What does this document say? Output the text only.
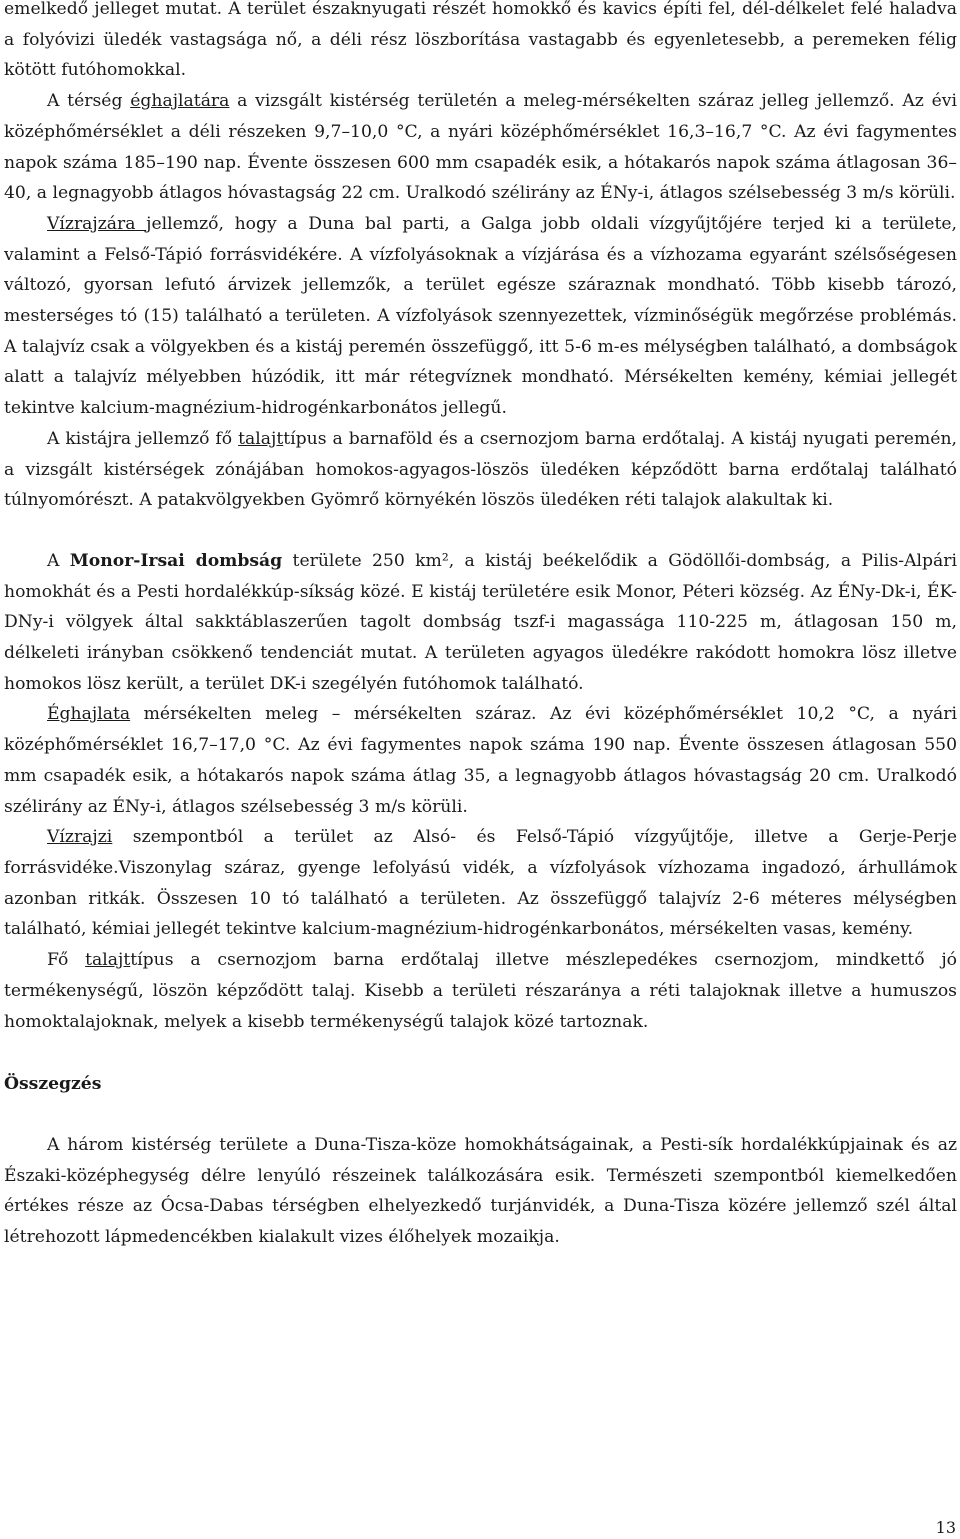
emelkedő jelleget mutat. A terület északnyugati részét homokkő és kavics építi fel, dél-délkelet felé haladva a folyóvizi üledék vastagsága nő, a déli rész löszborítása vastagabb és egyenletesebb, a peremeken félig kötött futóhomokkal.

A térség éghajlatára a vizsgált kistérség területén a meleg-mérsékelten száraz jelleg jellemző. Az évi középhőmérséklet a déli részeken 9,7–10,0 °C, a nyári középhőmérséklet 16,3–16,7 °C. Az évi fagymentes napok száma 185–190 nap. Évente összesen 600 mm csapadék esik, a hótakarós napok száma átlagosan 36–40, a legnagyobb átlagos hóvastagság 22 cm. Uralkodó szélirány az ÉNy-i, átlagos szélsebesség 3 m/s körüli.

Vízrajzára jellemző, hogy a Duna bal parti, a Galga jobb oldali vízgyűjtőjére terjed ki a területe, valamint a Felső-Tápió forrásvidékére. A vízfolyásoknak a vízjárása és a vízhozama egyaránt szélsőségesen változó, gyorsan lefutó árvizek jellemzők, a terület egésze száraznak mondható. Több kisebb tározó, mesterséges tó (15) található a területen. A vízfolyások szennyezettek, vízminőségük megőrzése problémás. A talajvíz csak a völgyekben és a kistáj peremén összefüggő, itt 5-6 m-es mélységben található, a dombságok alatt a talajvíz mélyebben húzódik, itt már rétegvíznek mondható. Mérsékelten kemény, kémiai jellegét tekintve kalcium-magnézium-hidrogénkarbonátos jellegű.

A kistájra jellemző fő talajttípus a barnaföld és a csernozjom barna erdőtalaj. A kistáj nyugati peremén, a vizsgált kistérségek zónájában homokos-agyagos-löszös üledéken képződött barna erdőtalaj található túlnyomórészt. A patakvölgyekben Gyömrő környékén löszös üledéken réti talajok alakultak ki.

A Monor-Irsai dombság területe 250 km², a kistáj beékelődik a Gödöllői-dombság, a Pilis-Alpári homokhát és a Pesti hordalékkúp-síkság közé. E kistáj területére esik Monor, Péteri község. Az ÉNy-Dk-i, ÉK-DNy-i völgyek által sakktáblaszerűen tagolt dombság tszf-i magassága 110-225 m, átlagosan 150 m, délkeleti irányban csökkenő tendenciát mutat. A területen agyagos üledékre rakódott homokra lösz illetve homokos lösz került, a terület DK-i szegélyén futóhomok található.

Éghajlata mérsékelten meleg – mérsékelten száraz. Az évi középhőmérséklet 10,2 °C, a nyári középhőmérséklet 16,7–17,0 °C. Az évi fagymentes napok száma 190 nap. Évente összesen átlagosan 550 mm csapadék esik, a hótakarós napok száma átlag 35, a legnagyobb átlagos hóvastagság 20 cm. Uralkodó szélirány az ÉNy-i, átlagos szélsebesség 3 m/s körüli.

Vízrajzi szempontból a terület az Alsó- és Felső-Tápió vízgyűjtője, illetve a Gerje-Perje forrásvidéke.Viszonylag száraz, gyenge lefolyású vidék, a vízfolyások vízhozama ingadozó, árhullámok azonban ritkák. Összesen 10 tó található a területen. Az összefüggő talajvíz 2-6 méteres mélységben található, kémiai jellegét tekintve kalcium-magnézium-hidrogénkarbonátos, mérsékelten vasas, kemény.

Fő talajttípus a csernozjom barna erdőtalaj illetve mészlepedékes csernozjom, mindkettő jó termékenységű, löszön képződött talaj. Kisebb a területi részaránya a réti talajoknak illetve a humuszos homoktalajoknak, melyek a kisebb termékenységű talajok közé tartoznak.

Összegzés

A három kistérség területe a Duna-Tisza-köze homokhátságainak, a Pesti-sík hordalékkúpjainak és az Északi-középhegység délre lenyúló részeinek találkozására esik. Természeti szempontból kiemelkedően értékes része az Ócsa-Dabas térségben elhelyezkedő turjánvidék, a Duna-Tisza közére jellemző szél által létrehozott lápmedencékben kialakult vizes élőhelyek mozaikja.

13
